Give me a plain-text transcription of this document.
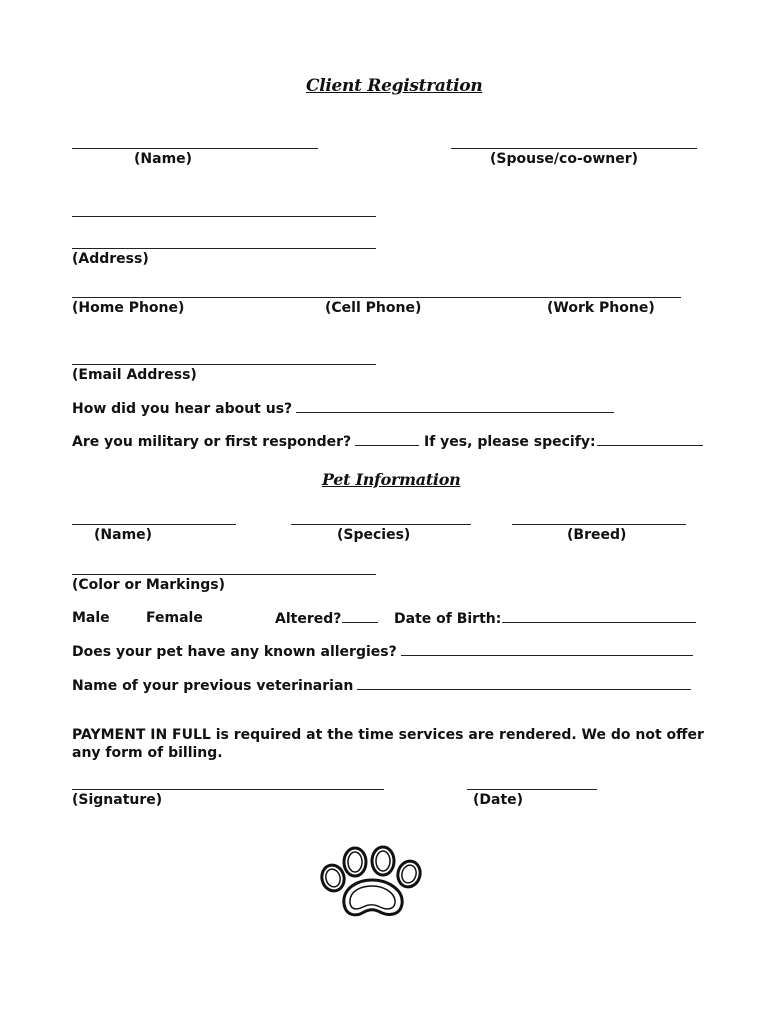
Client Registration
(Name)	(Spouse/co-owner)
(Address)
(Home Phone)	(Cell Phone)	(Work Phone)
(Email Address)
How did you hear about us?
Are you military or first responder?	If yes, please specify:
Pet Information
(Name)	(Species)	(Breed)
(Color or Markings)
Male	Female	Altered?	Date of Birth:
Does your pet have any known allergies?
Name of your previous veterinarian
PAYMENT IN FULL is required at the time services are rendered. We do not offer any form of billing.
(Signature)	(Date)
